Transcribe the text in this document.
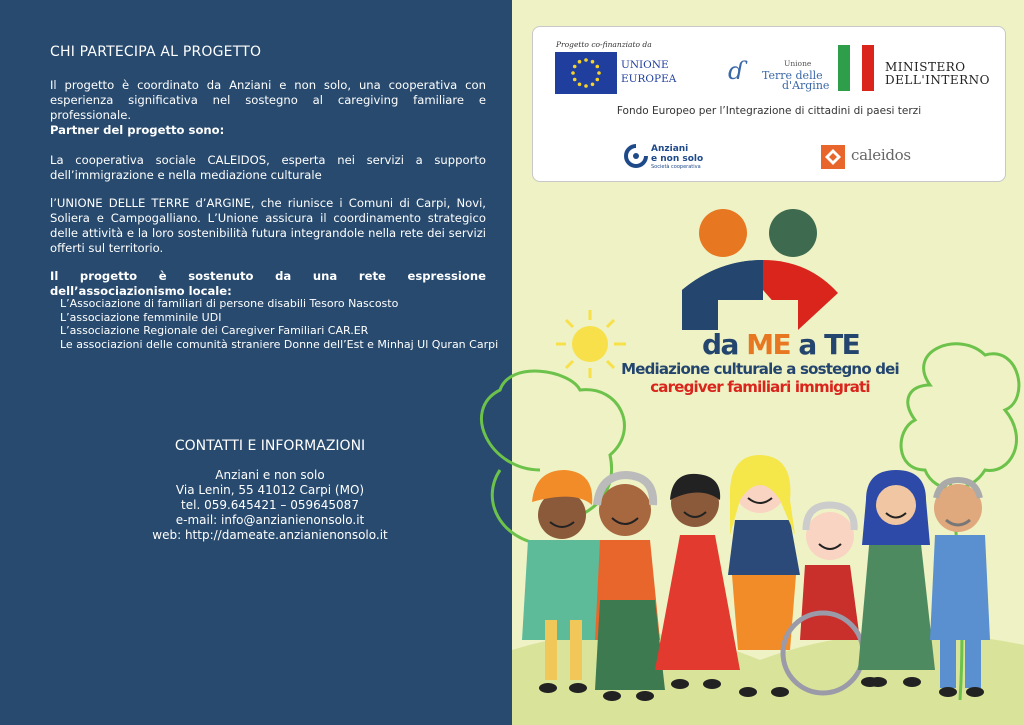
CHI PARTECIPA AL PROGETTO
Il progetto è coordinato da Anziani e non solo, una cooperativa con esperienza significativa nel sostegno al caregiving familiare e professionale.
Partner del progetto sono:
La cooperativa sociale CALEIDOS, esperta nei servizi a supporto dell’immigrazione e nella mediazione culturale
l’UNIONE DELLE TERRE d’ARGINE, che riunisce i Comuni di Carpi, Novi, Soliera e Campogalliano. L’Unione assicura il coordinamento strategico delle attività e la loro sostenibilità futura integrandole nella rete dei servizi offerti sul territorio.
Il progetto è sostenuto da una rete espressione dell’associazionismo locale:
L’Associazione di familiari di persone disabili Tesoro Nascosto
L’associazione femminile UDI
L’associazione Regionale dei Caregiver Familiari CAR.ER
Le associazioni delle comunità straniere Donne dell’Est e Minhaj Ul Quran Carpi
CONTATTI E INFORMAZIONI
Anziani e non solo
Via Lenin, 55 41012 Carpi (MO)
tel. 059.645421 – 059645087
e-mail: info@anzianienonsolo.it
web: http://dameate.anzianienonsolo.it
Progetto co-finanziato da
UNIONE
EUROPEA ɗ	Unione
Terre delle
d'Argine
MINISTERO
DELL'INTERNO
Fondo Europeo per l’Integrazione di cittadini di paesi terzi
Anziani
e non solo
Società cooperativa
caleidos
da ME a TE
Mediazione culturale a sostegno dei
caregiver familiari immigrati
